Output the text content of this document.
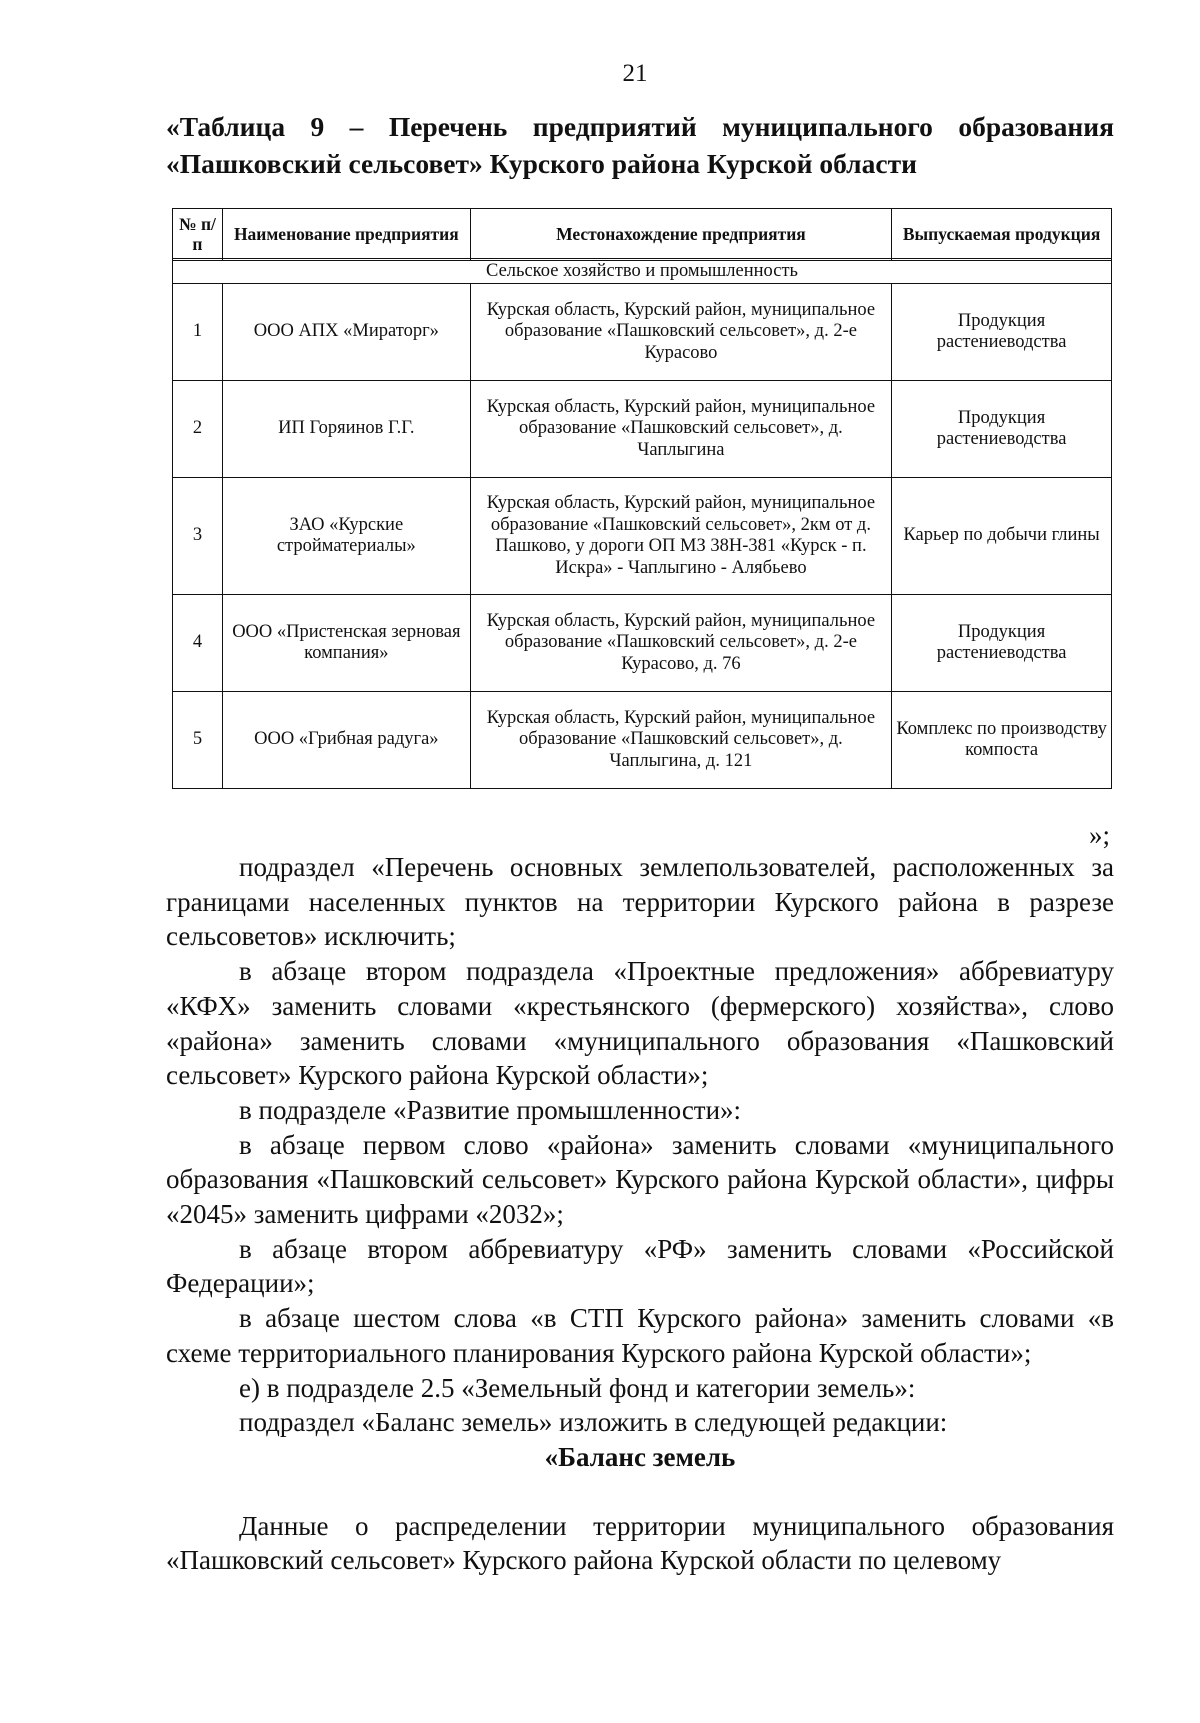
21
«Таблица 9 – Перечень предприятий муниципального образования «Пашковский сельсовет» Курского района Курской области
№ п/п	Наименование предприятия	Местонахождение предприятия	Выпускаемая продукция

Сельское хозяйство и промышленность			
1	ООО АПХ «Мираторг»	Курская область, Курский район, муниципальное образование «Пашковский сельсовет», д. 2-е Курасово	Продукция растениеводства
2	ИП Горяинов Г.Г.	Курская область, Курский район, муниципальное образование «Пашковский сельсовет», д. Чаплыгина	Продукция растениеводства
3	ЗАО «Курские стройматериалы»	Курская область, Курский район, муниципальное образование «Пашковский сельсовет», 2км от д. Пашково, у дороги ОП МЗ 38Н-381 «Курск - п. Искра» - Чаплыгино - Алябьево	Карьер по добычи глины
4	ООО «Пристенская зерновая компания»	Курская область, Курский район, муниципальное образование «Пашковский сельсовет», д. 2-е Курасово, д. 76	Продукция растениеводства
5	ООО «Грибная радуга»	Курская область, Курский район, муниципальное образование «Пашковский сельсовет», д. Чаплыгина, д. 121	Комплекс по производству компоста
»;

подраздел «Перечень основных землепользователей, расположенных за границами населенных пунктов на территории Курского района в разрезе сельсоветов» исключить;

в абзаце втором подраздела «Проектные предложения» аббревиатуру «КФХ» заменить словами «крестьянского (фермерского) хозяйства», слово «района» заменить словами «муниципального образования «Пашковский сельсовет» Курского района Курской области»;

в подразделе «Развитие промышленности»:

в абзаце первом слово «района» заменить словами «муниципального образования «Пашковский сельсовет» Курского района Курской области», цифры «2045» заменить цифрами «2032»;

в абзаце втором аббревиатуру «РФ» заменить словами «Российской Федерации»;

в абзаце шестом слова «в СТП Курского района» заменить словами «в схеме территориального планирования Курского района Курской области»;

е) в подразделе 2.5 «Земельный фонд и категории земель»:

подраздел «Баланс земель» изложить в следующей редакции:

«Баланс земель

Данные о распределении территории муниципального образования «Пашковский сельсовет» Курского района Курской области по целевому
